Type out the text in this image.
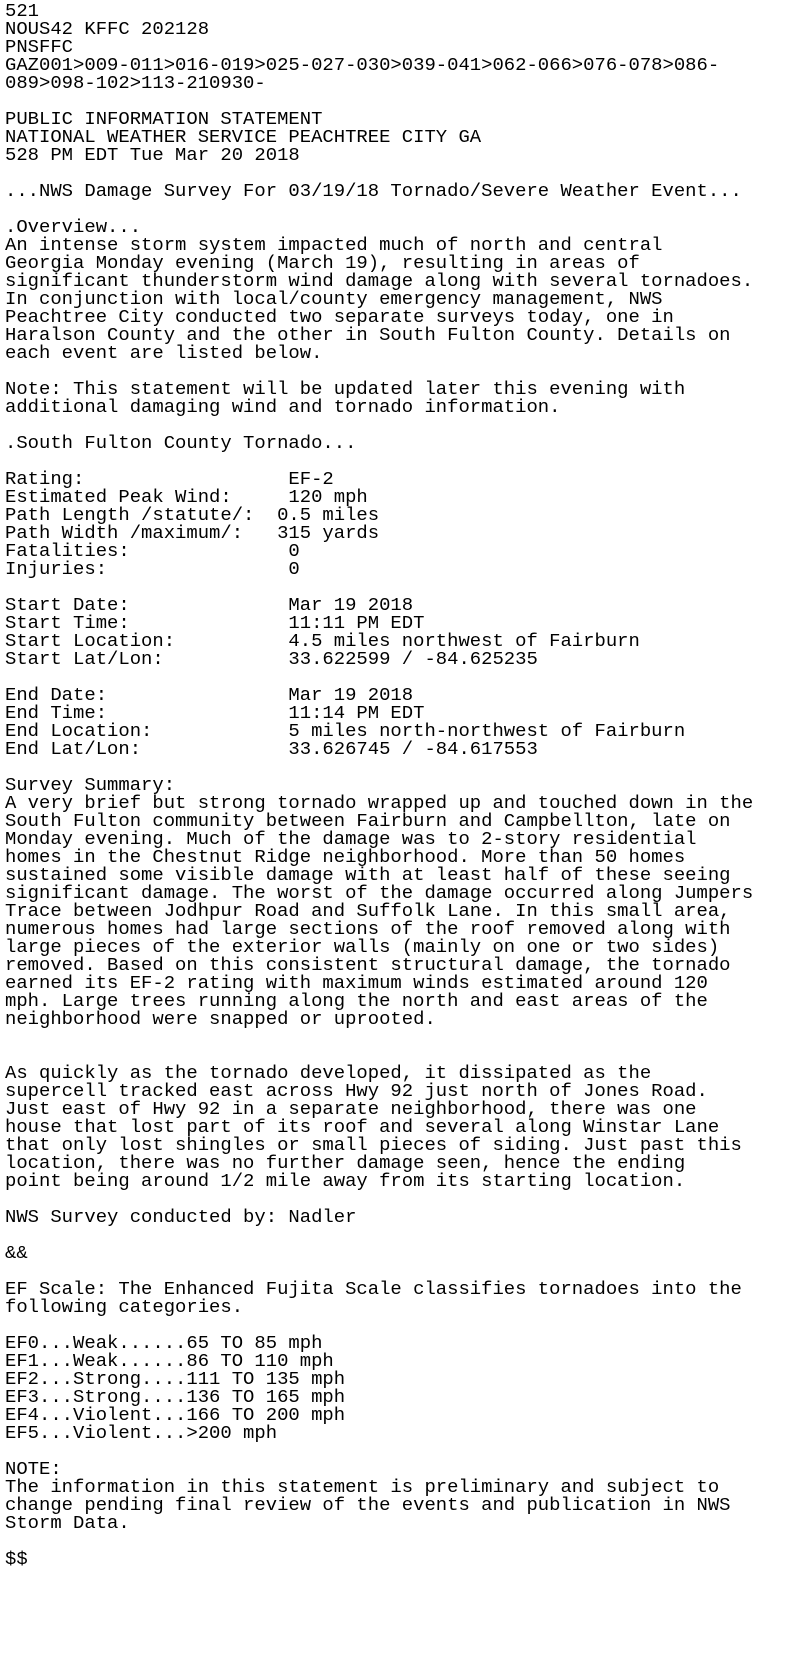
521
NOUS42 KFFC 202128
PNSFFC
GAZ001>009-011>016-019>025-027-030>039-041>062-066>076-078>086-
089>098-102>113-210930-
PUBLIC INFORMATION STATEMENT
NATIONAL WEATHER SERVICE PEACHTREE CITY GA
528 PM EDT Tue Mar 20 2018
...NWS Damage Survey For 03/19/18 Tornado/Severe Weather Event...
.Overview...
An intense storm system impacted much of north and central
Georgia Monday evening (March 19), resulting in areas of
significant thunderstorm wind damage along with several tornadoes.
In conjunction with local/county emergency management, NWS
Peachtree City conducted two separate surveys today, one in
Haralson County and the other in South Fulton County. Details on
each event are listed below.
Note: This statement will be updated later this evening with
additional damaging wind and tornado information.
.South Fulton County Tornado...
Rating:                  EF-2
Estimated Peak Wind:     120 mph
Path Length /statute/:  0.5 miles
Path Width /maximum/:   315 yards
Fatalities:              0
Injuries:                0
Start Date:              Mar 19 2018
Start Time:              11:11 PM EDT
Start Location:          4.5 miles northwest of Fairburn
Start Lat/Lon:           33.622599 / -84.625235
End Date:                Mar 19 2018
End Time:                11:14 PM EDT
End Location:            5 miles north-northwest of Fairburn
End Lat/Lon:             33.626745 / -84.617553
Survey Summary:
A very brief but strong tornado wrapped up and touched down in the
South Fulton community between Fairburn and Campbellton, late on
Monday evening. Much of the damage was to 2-story residential
homes in the Chestnut Ridge neighborhood. More than 50 homes
sustained some visible damage with at least half of these seeing
significant damage. The worst of the damage occurred along Jumpers
Trace between Jodhpur Road and Suffolk Lane. In this small area,
numerous homes had large sections of the roof removed along with
large pieces of the exterior walls (mainly on one or two sides)
removed. Based on this consistent structural damage, the tornado
earned its EF-2 rating with maximum winds estimated around 120
mph. Large trees running along the north and east areas of the
neighborhood were snapped or uprooted.
As quickly as the tornado developed, it dissipated as the
supercell tracked east across Hwy 92 just north of Jones Road.
Just east of Hwy 92 in a separate neighborhood, there was one
house that lost part of its roof and several along Winstar Lane
that only lost shingles or small pieces of siding. Just past this
location, there was no further damage seen, hence the ending
point being around 1/2 mile away from its starting location.
NWS Survey conducted by: Nadler
&&
EF Scale: The Enhanced Fujita Scale classifies tornadoes into the
following categories.
EF0...Weak......65 TO 85 mph
EF1...Weak......86 TO 110 mph
EF2...Strong....111 TO 135 mph
EF3...Strong....136 TO 165 mph
EF4...Violent...166 TO 200 mph
EF5...Violent...>200 mph
NOTE:
The information in this statement is preliminary and subject to
change pending final review of the events and publication in NWS
Storm Data.
$$
